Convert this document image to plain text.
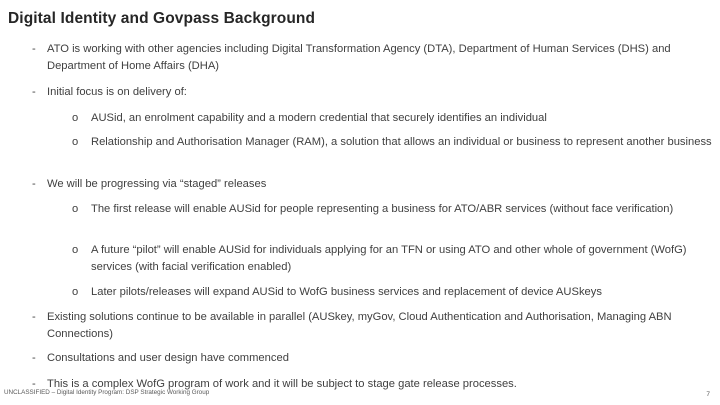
Digital Identity and Govpass Background
- ATO is working with other agencies including Digital Transformation Agency (DTA), Department of Human Services (DHS) and Department of Home Affairs (DHA)
- Initial focus is on delivery of:
o AUSid, an enrolment capability and a modern credential that securely identifies an individual
o Relationship and Authorisation Manager (RAM), a solution that allows an individual or business to represent another business
- We will be progressing via “staged” releases
o The first release will enable AUSid for people representing a business for ATO/ABR services (without face verification)
o A future “pilot” will enable AUSid for individuals applying for an TFN or using ATO and other whole of government (WofG) services (with facial verification enabled)
o Later pilots/releases will expand AUSid to WofG business services and replacement of device AUSkeys
- Existing solutions continue to be available in parallel (AUSkey, myGov, Cloud Authentication and Authorisation, Managing ABN Connections)
- Consultations and user design have commenced
- This is a complex WofG program of work and it will be subject to stage gate release processes.
UNCLASSIFIED – Digital Identity Program: DSP Strategic Working Group	7
